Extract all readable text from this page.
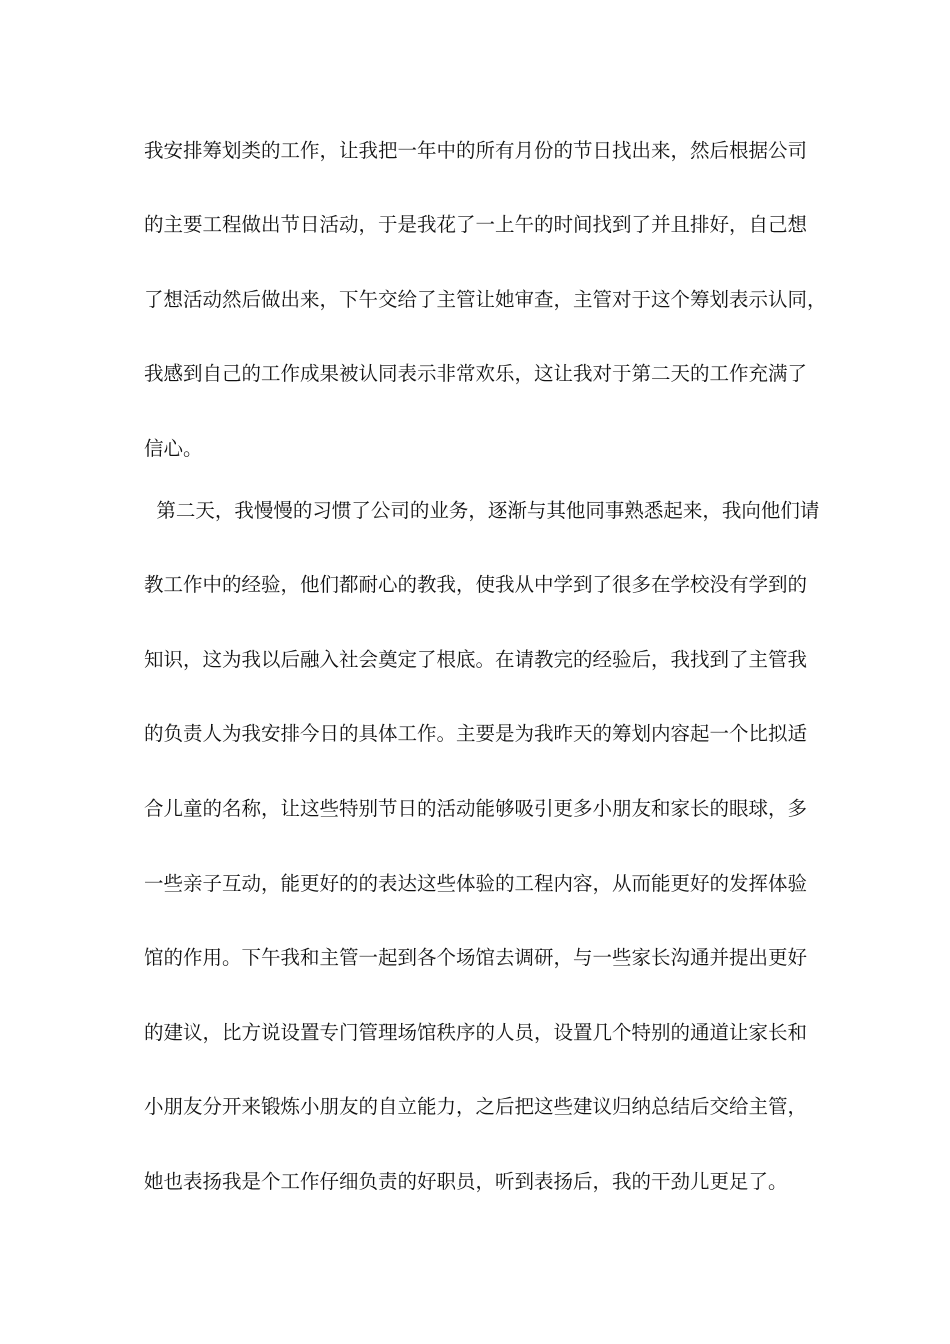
我安排筹划类的工作，让我把一年中的所有月份的节日找出来，然后根据公司
的主要工程做出节日活动，于是我花了一上午的时间找到了并且排好，自己想
了想活动然后做出来，下午交给了主管让她审查，主管对于这个筹划表示认同，
我感到自己的工作成果被认同表示非常欢乐，这让我对于第二天的工作充满了
信心。
第二天，我慢慢的习惯了公司的业务，逐渐与其他同事熟悉起来，我向他们请
教工作中的经验，他们都耐心的教我，使我从中学到了很多在学校没有学到的
知识，这为我以后融入社会奠定了根底。在请教完的经验后，我找到了主管我
的负责人为我安排今日的具体工作。主要是为我昨天的筹划内容起一个比拟适
合儿童的名称，让这些特别节日的活动能够吸引更多小朋友和家长的眼球，多
一些亲子互动，能更好的的表达这些体验的工程内容，从而能更好的发挥体验
馆的作用。下午我和主管一起到各个场馆去调研，与一些家长沟通并提出更好
的建议，比方说设置专门管理场馆秩序的人员，设置几个特别的通道让家长和
小朋友分开来锻炼小朋友的自立能力，之后把这些建议归纳总结后交给主管，
她也表扬我是个工作仔细负责的好职员，听到表扬后，我的干劲儿更足了。
